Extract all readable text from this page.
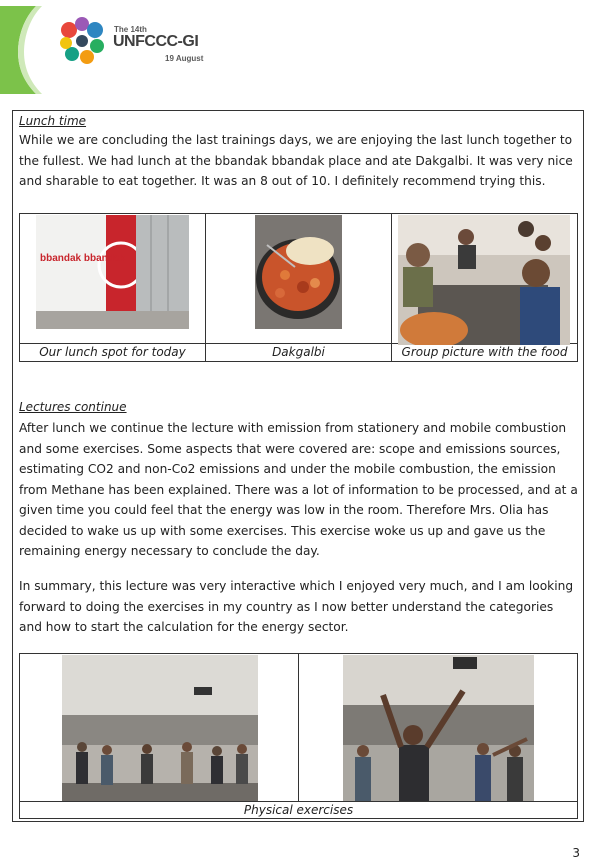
The 14th
UNFCCC-GI
19 August
Lunch time

While we are concluding the last trainings days, we are enjoying the last lunch together to the fullest. We had lunch at the bbandak bbandak place and ate Dakgalbi. It was very nice and sharable to eat together. It was an 8 out of 10. I definitely recommend trying this.

bbandak bbandak

Our lunch spot for today	Dakgalbi	Group picture with the food
Lectures continue

After lunch we continue the lecture with emission from stationery and mobile combustion and some exercises. Some aspects that were covered are: scope and emissions sources, estimating CO2 and non-Co2 emissions and under the mobile combustion, the emission from Methane has been explained. There was a lot of information to be processed, and at a given time you could feel that the energy was low in the room. Therefore Mrs. Olia has decided to wake us up with some exercises. This exercise woke us up and gave us the remaining energy necessary to conclude the day.

In summary, this lecture was very interactive which I enjoyed very much, and I am looking forward to doing the exercises in my country as I now better understand the categories and how to start the calculation for the energy sector.

Physical exercises
3
